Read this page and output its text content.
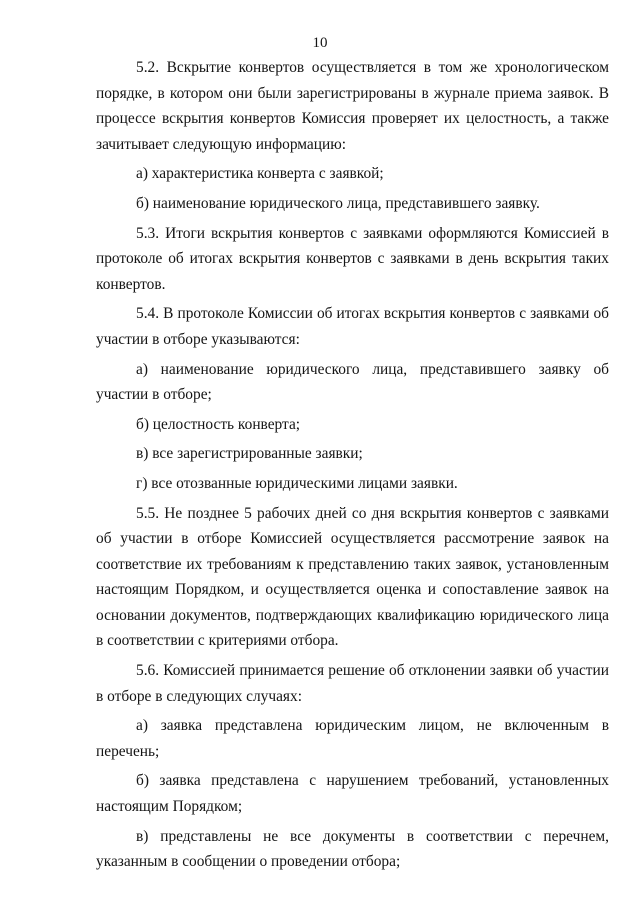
10

5.2. Вскрытие конвертов осуществляется в том же хронологическом порядке, в котором они были зарегистрированы в журнале приема заявок. В процессе вскрытия конвертов Комиссия проверяет их целостность, а также зачитывает следующую информацию:

а) характеристика конверта с заявкой;

б) наименование юридического лица, представившего заявку.

5.3. Итоги вскрытия конвертов с заявками оформляются Комиссией в протоколе об итогах вскрытия конвертов с заявками в день вскрытия таких конвертов.

5.4. В протоколе Комиссии об итогах вскрытия конвертов с заявками об участии в отборе указываются:

а) наименование юридического лица, представившего заявку об участии в отборе;

б) целостность конверта;

в) все зарегистрированные заявки;

г) все отозванные юридическими лицами заявки.

5.5. Не позднее 5 рабочих дней со дня вскрытия конвертов с заявками об участии в отборе Комиссией осуществляется рассмотрение заявок на соответствие их требованиям к представлению таких заявок, установленным настоящим Порядком, и осуществляется оценка и сопоставление заявок на основании документов, подтверждающих квалификацию юридического лица в соответствии с критериями отбора.

5.6. Комиссией принимается решение об отклонении заявки об участии в отборе в следующих случаях:

а) заявка представлена юридическим лицом, не включенным в перечень;

б) заявка представлена с нарушением требований, установленных настоящим Порядком;

в) представлены не все документы в соответствии с перечнем, указанным в сообщении о проведении отбора;
